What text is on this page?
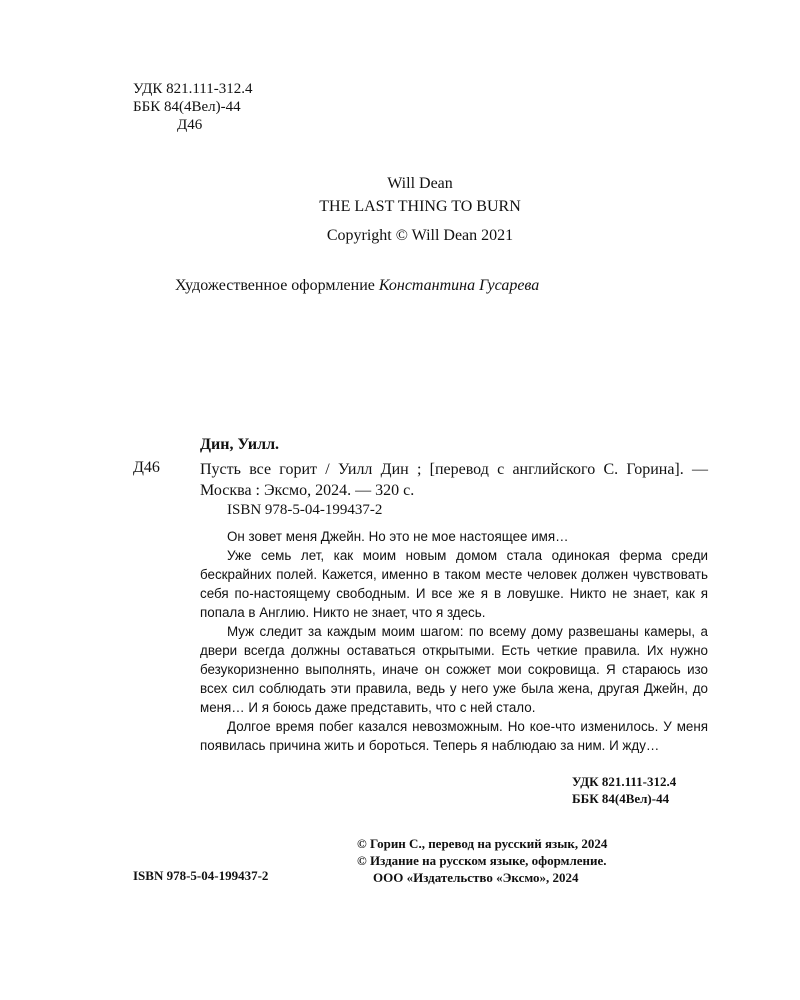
УДК 821.111-312.4
ББК 84(4Вел)-44
Д46
Will Dean
THE LAST THING TO BURN
Copyright © Will Dean 2021
Художественное оформление Константина Гусарева
Дин, Уилл.
Д46	Пусть все горит / Уилл Дин ; [перевод с английского С. Горина]. — Москва : Эксмо, 2024. — 320 с.
ISBN 978-5-04-199437-2

Он зовет меня Джейн. Но это не мое настоящее имя…

Уже семь лет, как моим новым домом стала одинокая ферма среди бескрайних полей. Кажется, именно в таком месте человек должен чувствовать себя по-настоящему свободным. И все же я в ловушке. Никто не знает, как я попала в Англию. Никто не знает, что я здесь.

Муж следит за каждым моим шагом: по всему дому развешаны камеры, а двери всегда должны оставаться открытыми. Есть четкие правила. Их нужно безукоризненно выполнять, иначе он сожжет мои сокровища. Я стараюсь изо всех сил соблюдать эти правила, ведь у него уже была жена, другая Джейн, до меня… И я боюсь даже представить, что с ней стало.

Долгое время побег казался невозможным. Но кое-что изменилось. У меня появилась причина жить и бороться. Теперь я наблюдаю за ним. И жду…

УДК 821.111-312.4
ББК 84(4Вел)-44
© Горин С., перевод на русский язык, 2024
© Издание на русском языке, оформление.
ООО «Издательство «Эксмо», 2024
ISBN 978-5-04-199437-2
